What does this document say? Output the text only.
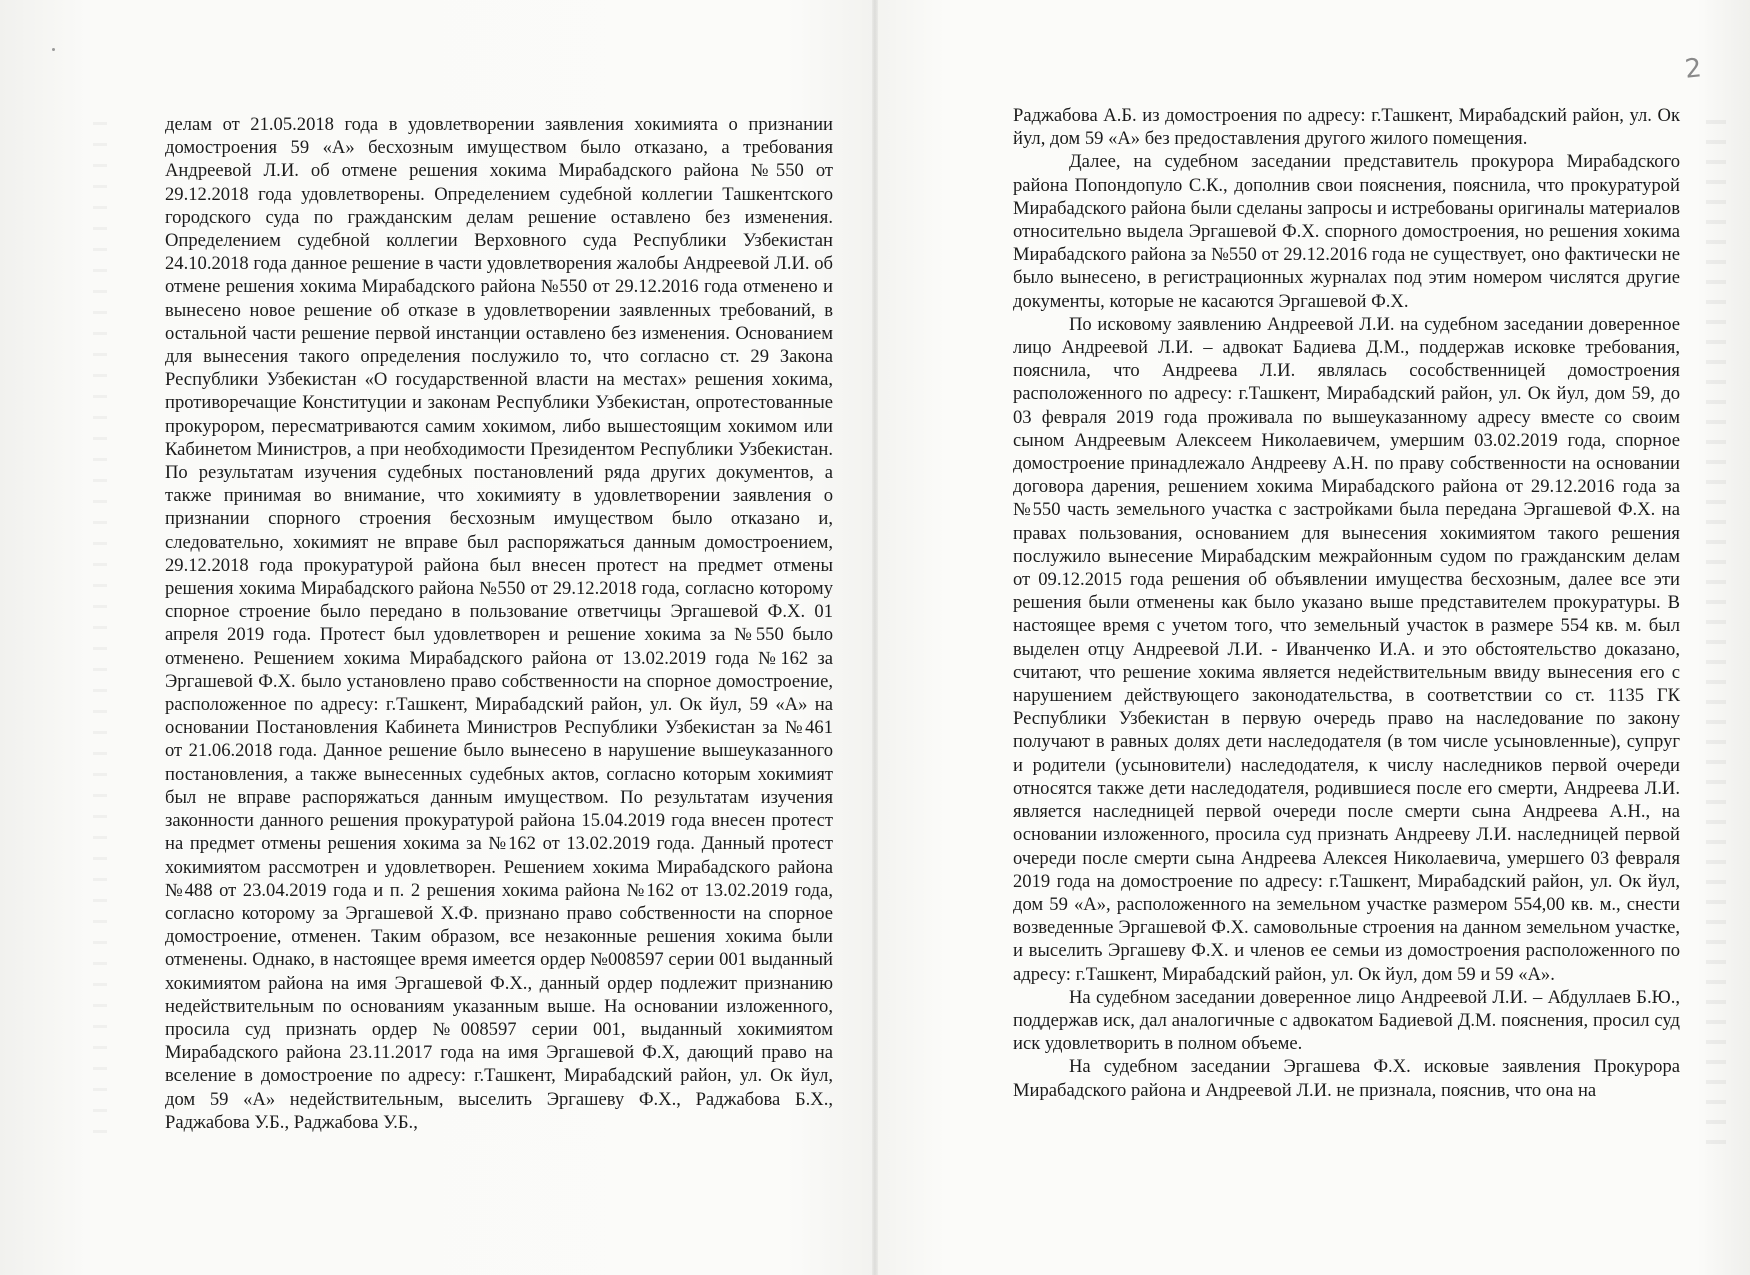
2

делам от 21.05.2018 года в удовлетворении заявления хокимията о признании домостроения 59 «А» бесхозным имуществом было отказано, а требования Андреевой Л.И. об отмене решения хокима Мирабадского района №550 от 29.12.2018 года удовлетворены. Определением судебной коллегии Ташкентского городского суда по гражданским делам решение оставлено без изменения. Определением судебной коллегии Верховного суда Республики Узбекистан 24.10.2018 года данное решение в части удовлетворения жалобы Андреевой Л.И. об отмене решения хокима Мирабадского района №550 от 29.12.2016 года отменено и вынесено новое решение об отказе в удовлетворении заявленных требований, в остальной части решение первой инстанции оставлено без изменения. Основанием для вынесения такого определения послужило то, что согласно ст. 29 Закона Республики Узбекистан «О государственной власти на местах» решения хокима, противоречащие Конституции и законам Республики Узбекистан, опротестованные прокурором, пересматриваются самим хокимом, либо вышестоящим хокимом или Кабинетом Министров, а при необходимости Президентом Республики Узбекистан. По результатам изучения судебных постановлений ряда других документов, а также принимая во внимание, что хокимияту в удовлетворении заявления о признании спорного строения бесхозным имуществом было отказано и, следовательно, хокимият не вправе был распоряжаться данным домостроением, 29.12.2018 года прокуратурой района был внесен протест на предмет отмены решения хокима Мирабадского района №550 от 29.12.2018 года, согласно которому спорное строение было передано в пользование ответчицы Эргашевой Ф.Х. 01 апреля 2019 года. Протест был удовлетворен и решение хокима за №550 было отменено. Решением хокима Мирабадского района от 13.02.2019 года №162 за Эргашевой Ф.Х. было установлено право собственности на спорное домостроение, расположенное по адресу: г.Ташкент, Мирабадский район, ул. Ок йул, 59 «А» на основании Постановления Кабинета Министров Республики Узбекистан за №461 от 21.06.2018 года. Данное решение было вынесено в нарушение вышеуказанного постановления, а также вынесенных судебных актов, согласно которым хокимият был не вправе распоряжаться данным имуществом. По результатам изучения законности данного решения прокуратурой района 15.04.2019 года внесен протест на предмет отмены решения хокима за №162 от 13.02.2019 года. Данный протест хокимиятом рассмотрен и удовлетворен. Решением хокима Мирабадского района №488 от 23.04.2019 года и п. 2 решения хокима района №162 от 13.02.2019 года, согласно которому за Эргашевой Х.Ф. признано право собственности на спорное домостроение, отменен. Таким образом, все незаконные решения хокима были отменены. Однако, в настоящее время имеется ордер №008597 серии 001 выданный хокимиятом района на имя Эргашевой Ф.Х., данный ордер подлежит признанию недействительным по основаниям указанным выше. На основании изложенного, просила суд признать ордер №008597 серии 001, выданный хокимиятом Мирабадского района 23.11.2017 года на имя Эргашевой Ф.Х, дающий право на вселение в домостроение по адресу: г.Ташкент, Мирабадский район, ул. Ок йул, дом 59 «А» недействительным, выселить Эргашеву Ф.Х., Раджабова Б.Х., Раджабова У.Б., Раджабова У.Б.,

Раджабова А.Б. из домостроения по адресу: г.Ташкент, Мирабадский район, ул. Ок йул, дом 59 «А» без предоставления другого жилого помещения.

Далее, на судебном заседании представитель прокурора Мирабадского района Попондопуло С.К., дополнив свои пояснения, пояснила, что прокуратурой Мирабадского района были сделаны запросы и истребованы оригиналы материалов относительно выдела Эргашевой Ф.Х. спорного домостроения, но решения хокима Мирабадского района за №550 от 29.12.2016 года не существует, оно фактически не было вынесено, в регистрационных журналах под этим номером числятся другие документы, которые не касаются Эргашевой Ф.Х.

По исковому заявлению Андреевой Л.И. на судебном заседании доверенное лицо Андреевой Л.И. – адвокат Бадиева Д.М., поддержав исковке требования, пояснила, что Андреева Л.И. являлась сособственницей домостроения расположенного по адресу: г.Ташкент, Мирабадский район, ул. Ок йул, дом 59, до 03 февраля 2019 года проживала по вышеуказанному адресу вместе со своим сыном Андреевым Алексеем Николаевичем, умершим 03.02.2019 года, спорное домостроение принадлежало Андрееву А.Н. по праву собственности на основании договора дарения, решением хокима Мирабадского района от 29.12.2016 года за №550 часть земельного участка с застройками была передана Эргашевой Ф.Х. на правах пользования, основанием для вынесения хокимиятом такого решения послужило вынесение Мирабадским межрайонным судом по гражданским делам от 09.12.2015 года решения об объявлении имущества бесхозным, далее все эти решения были отменены как было указано выше представителем прокуратуры. В настоящее время с учетом того, что земельный участок в размере 554 кв. м. был выделен отцу Андреевой Л.И. - Иванченко И.А. и это обстоятельство доказано, считают, что решение хокима является недействительным ввиду вынесения его с нарушением действующего законодательства, в соответствии со ст. 1135 ГК Республики Узбекистан в первую очередь право на наследование по закону получают в равных долях дети наследодателя (в том числе усыновленные), супруг и родители (усыновители) наследодателя, к числу наследников первой очереди относятся также дети наследодателя, родившиеся после его смерти, Андреева Л.И. является наследницей первой очереди после смерти сына Андреева А.Н., на основании изложенного, просила суд признать Андрееву Л.И. наследницей первой очереди после смерти сына Андреева Алексея Николаевича, умершего 03 февраля 2019 года на домостроение по адресу: г.Ташкент, Мирабадский район, ул. Ок йул, дом 59 «А», расположенного на земельном участке размером 554,00 кв. м., снести возведенные Эргашевой Ф.Х. самовольные строения на данном земельном участке, и выселить Эргашеву Ф.Х. и членов ее семьи из домостроения расположенного по адресу: г.Ташкент, Мирабадский район, ул. Ок йул, дом 59 и 59 «А».

На судебном заседании доверенное лицо Андреевой Л.И. – Абдуллаев Б.Ю., поддержав иск, дал аналогичные с адвокатом Бадиевой Д.М. пояснения, просил суд иск удовлетворить в полном объеме.

На судебном заседании Эргашева Ф.Х. исковые заявления Прокурора Мирабадского района и Андреевой Л.И. не признала, пояснив, что она на
